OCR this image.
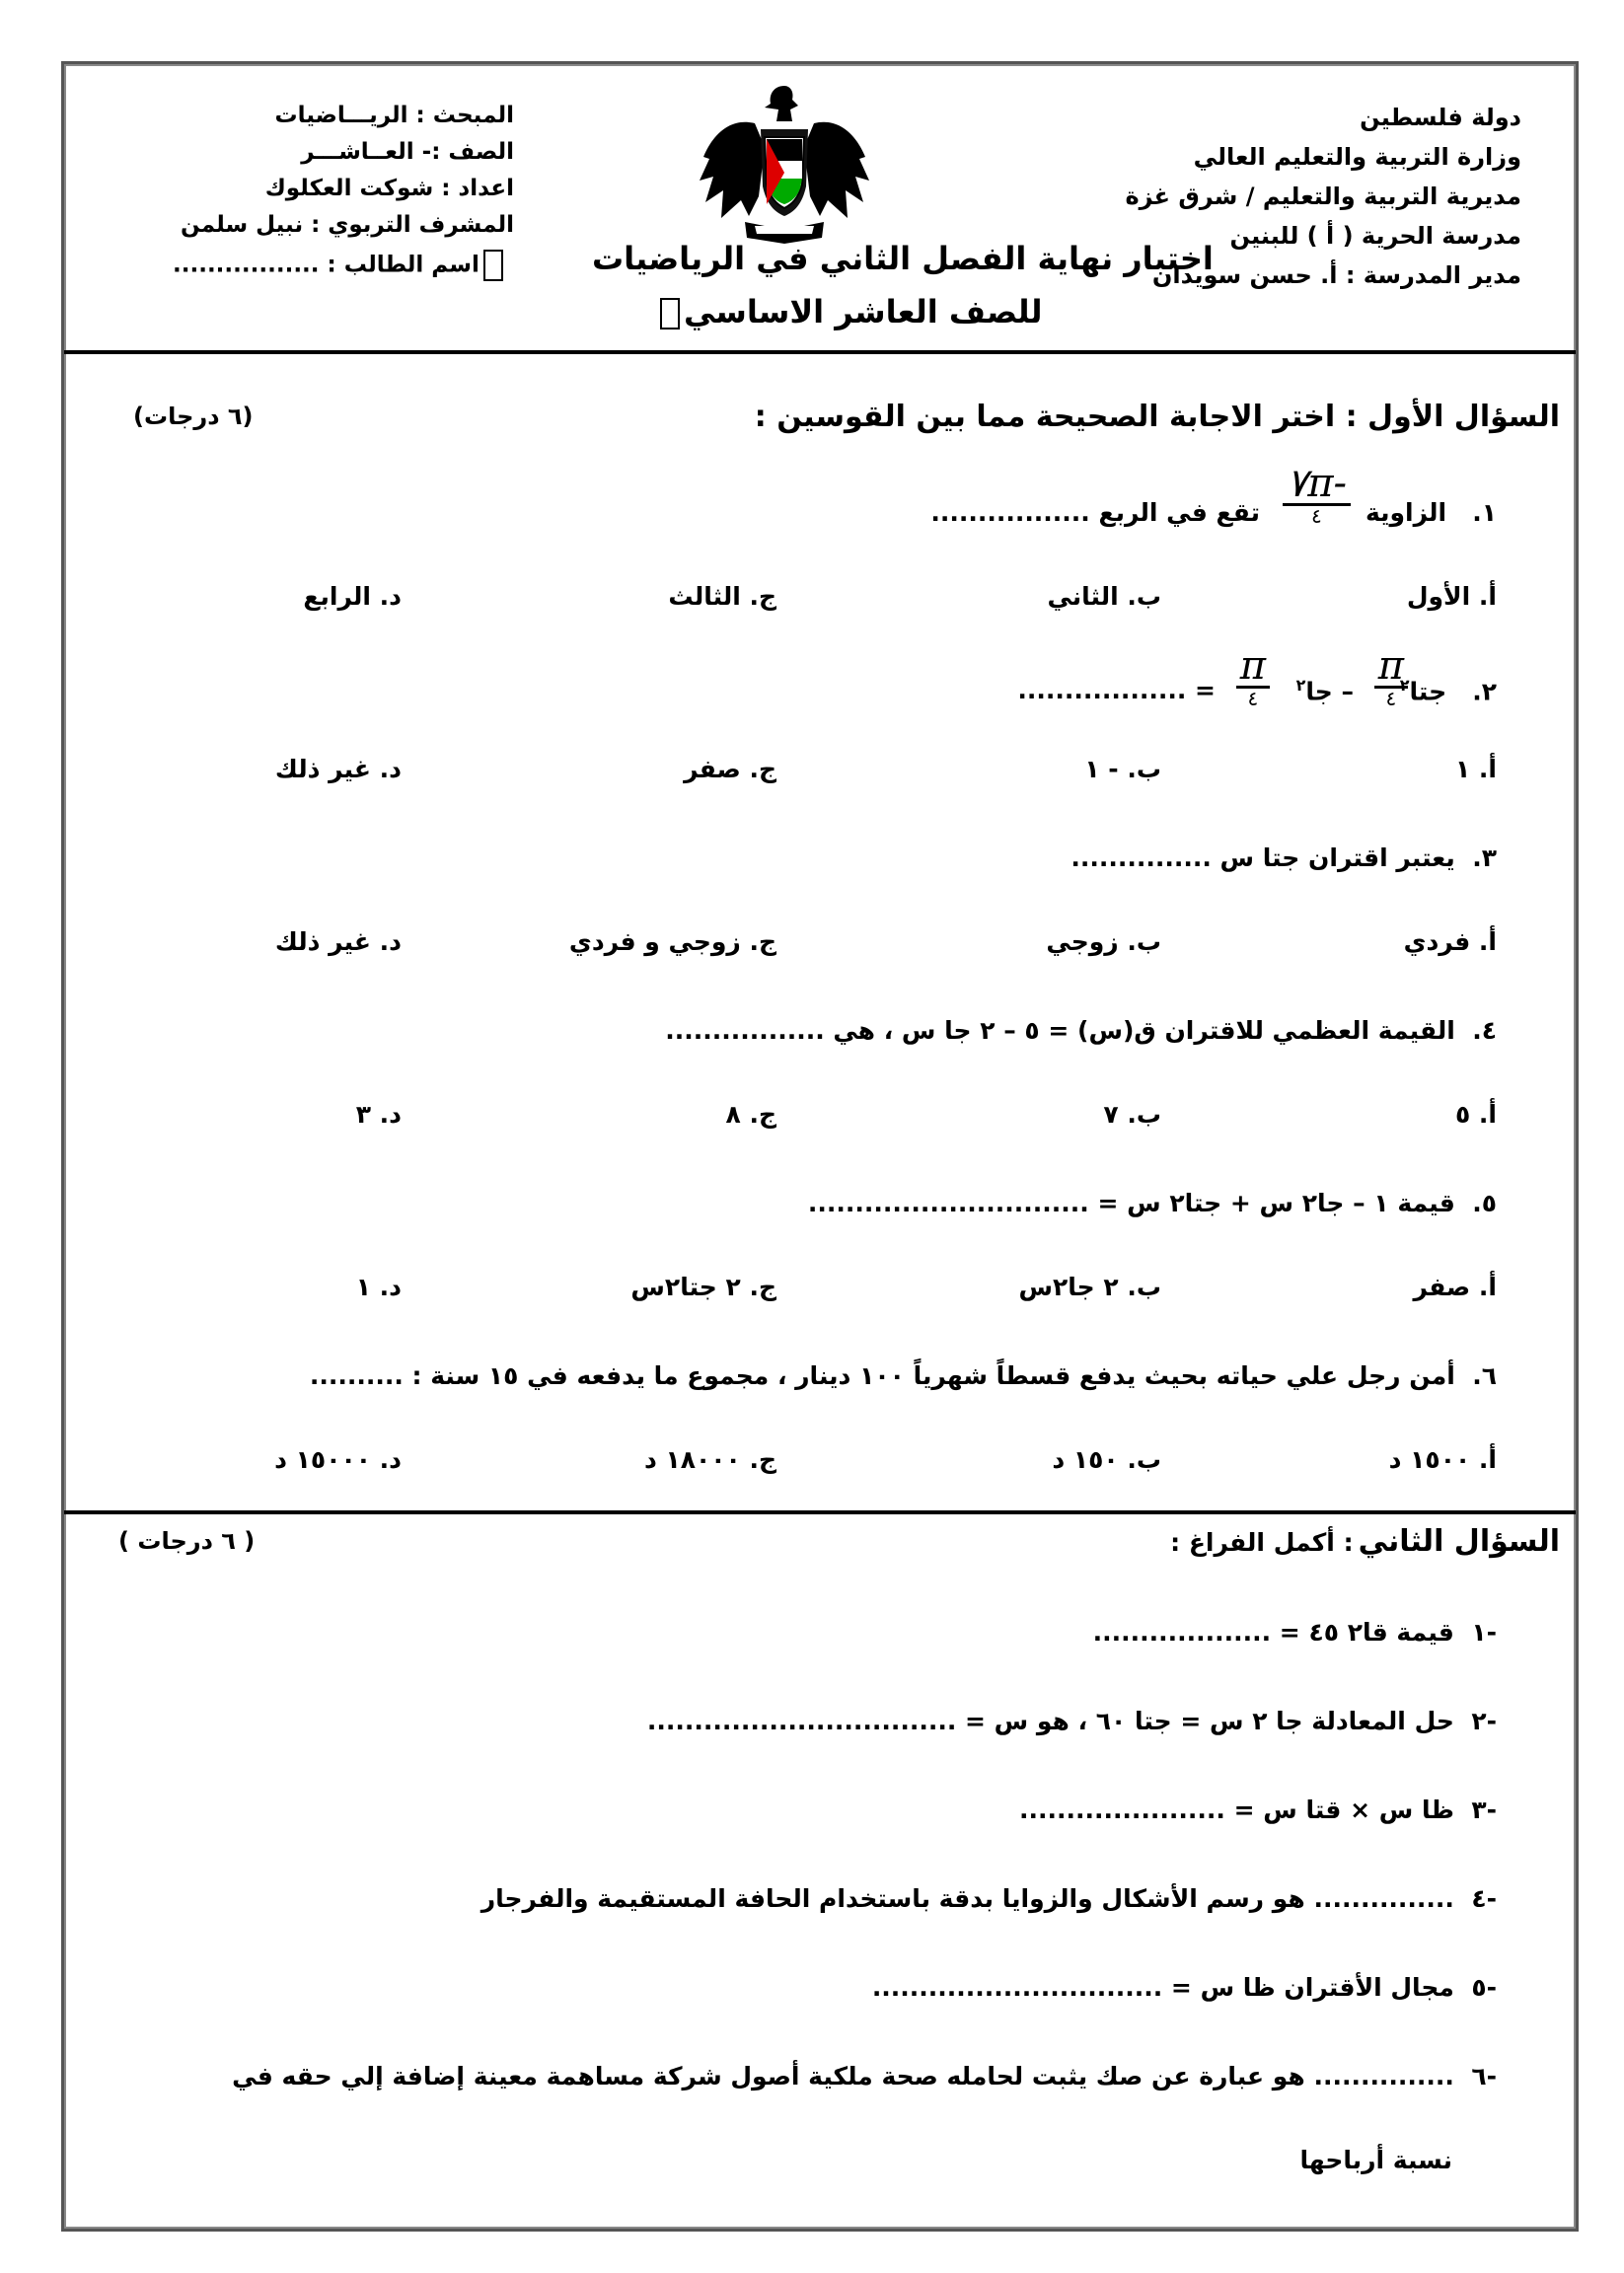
دولة فلسطين
وزارة التربية والتعليم العالي
مديرية التربية والتعليم / شرق غزة
مدرسة الحرية ( أ ) للبنين
مدير المدرسة : أ. حسن سويدان
المبحث : الريـــاضيات
الصف :- العــاشـــر
اعداد : شوكت العكلوك
المشرف التربوي : نبيل سلمن
اسم الطالب : .................	اختبار نهاية الفصل الثاني في الرياضيات
للصف العاشر الاساسي
السؤال الأول : اختر الاجابة الصحيحة مما بين القوسين :
(٦ درجات)
١.   الزاوية
$\frac{-٧\pi}{٤}$
تقع في الربع .................
أ. الأول
ب. الثاني
ج. الثالث
د. الرابع
٢.   جتا$^٢$
$\frac{\pi}{٤}$
– جا$^٢$
$\frac{\pi}{٤}$
= ..................
أ. ١
ب. - ١
ج. صفر
د. غير ذلك
٣.  يعتبر اقتران جتا س ...............
أ. فردي
ب. زوجي
ج. زوجي و فردي
د. غير ذلك
٤.  القيمة العظمي للاقتران ق(س) = ٥ – ٢ جا س ، هي .................
أ. ٥
ب. ٧
ج. ٨
د. ٣
٥.  قيمة ١ – جا٢ س + جتا٢ س = ..............................
أ. صفر
ب. ٢ جا٢س
ج. ٢ جتا٢س
د. ١
٦.  أمن رجل علي حياته بحيث يدفع قسطاً شهرياً ١٠٠ دينار ، مجموع ما يدفعه في ١٥ سنة : ..........
أ. ١٥٠٠ د
ب. ١٥٠ د
ج. ١٨٠٠٠ د
د. ١٥٠٠٠ د
السؤال الثاني : أكمل الفراغ :
( ٦ درجات )
-١  قيمة قا٢ ٤٥ = ...................
-٢  حل المعادلة جا ٢ س = جتا ٦٠ ، هو س = .................................
-٣  ظا س × قتا س = ......................
-٤  ............... هو رسم الأشكال والزوايا بدقة باستخدام الحافة المستقيمة والفرجار
-٥  مجال الأقتران ظا س = ...............................
-٦  ............... هو عبارة عن صك يثبت لحامله صحة ملكية أصول شركة مساهمة معينة إضافة إلي حقه في
نسبة أرباحها
